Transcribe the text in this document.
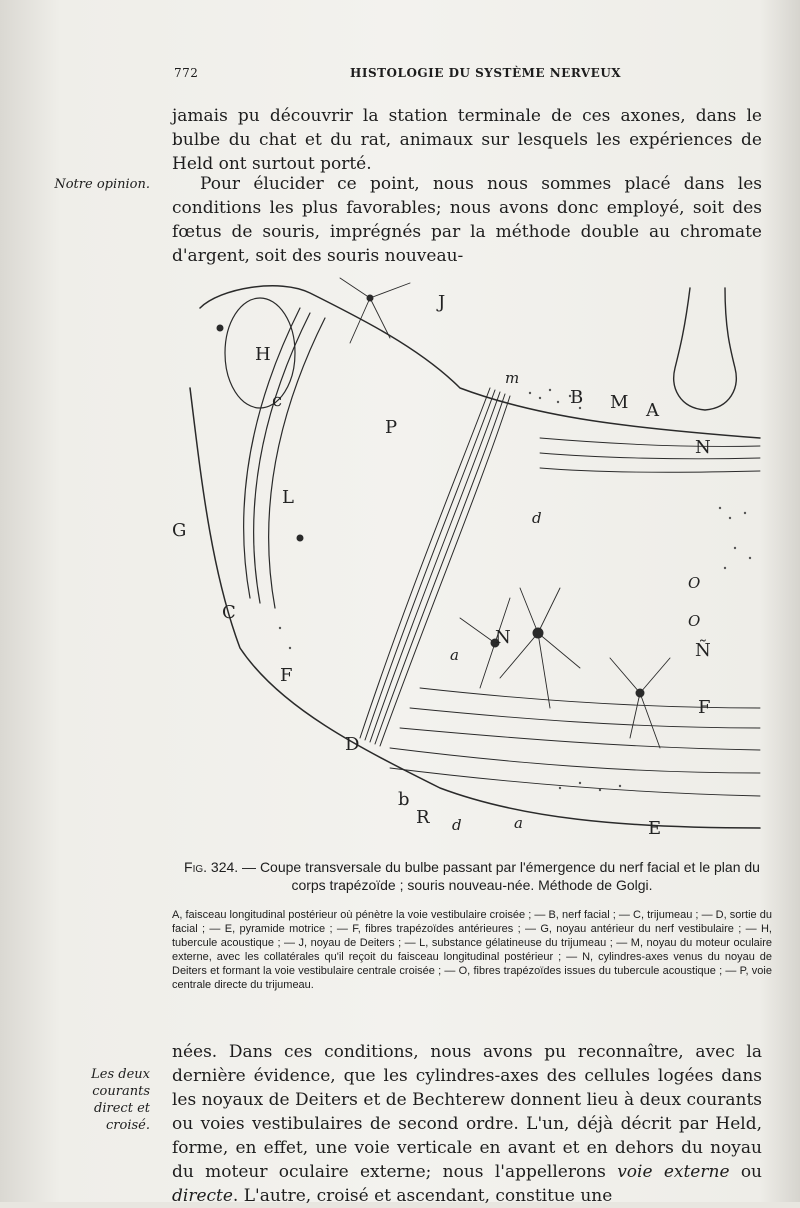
772	HISTOLOGIE DU SYSTÈME NERVEUX

jamais pu découvrir la station terminale de ces axones, dans le bulbe du chat et du rat, animaux sur lesquels les expériences de Held ont surtout porté.

Notre opinion.	Pour élucider ce point, nous nous sommes placé dans les conditions les plus favorables; nous avons donc employé, soit des fœtus de souris, imprégnés par la méthode double au chromate d'argent, soit des souris nouveau-

J
H
c
m
B M A
N
P
L
d
G
C
O
O
Ñ
N
a
F
F
D
b
R d	a	E
Fig. 324. — Coupe transversale du bulbe passant par l'émergence du nerf facial et le plan du corps trapézoïde ; souris nouveau-née. Méthode de Golgi.
A, faisceau longitudinal postérieur où pénètre la voie vestibulaire croisée ; — B, nerf facial ; — C, trijumeau ; — D, sortie du facial ; — E, pyramide motrice ; — F, fibres trapézoïdes antérieures ; — G, noyau antérieur du nerf vestibulaire ; — H, tubercule acoustique ; — J, noyau de Deiters ; — L, substance gélatineuse du trijumeau ; — M, noyau du moteur oculaire externe, avec les collatérales qu'il reçoit du faisceau longitudinal postérieur ; — N, cylindres-axes venus du noyau de Deiters et formant la voie vestibulaire centrale croisée ; — O, fibres trapézoïdes issues du tubercule acoustique ; — P, voie centrale directe du trijumeau.
Les deux courants direct et croisé.

nées. Dans ces conditions, nous avons pu reconnaître, avec la dernière évidence, que les cylindres-axes des cellules logées dans les noyaux de Deiters et de Bechterew donnent lieu à deux courants ou voies vestibulaires de second ordre. L'un, déjà décrit par Held, forme, en effet, une voie verticale en avant et en dehors du noyau du moteur oculaire externe; nous l'appellerons voie externe ou directe. L'autre, croisé et ascendant, constitue une
